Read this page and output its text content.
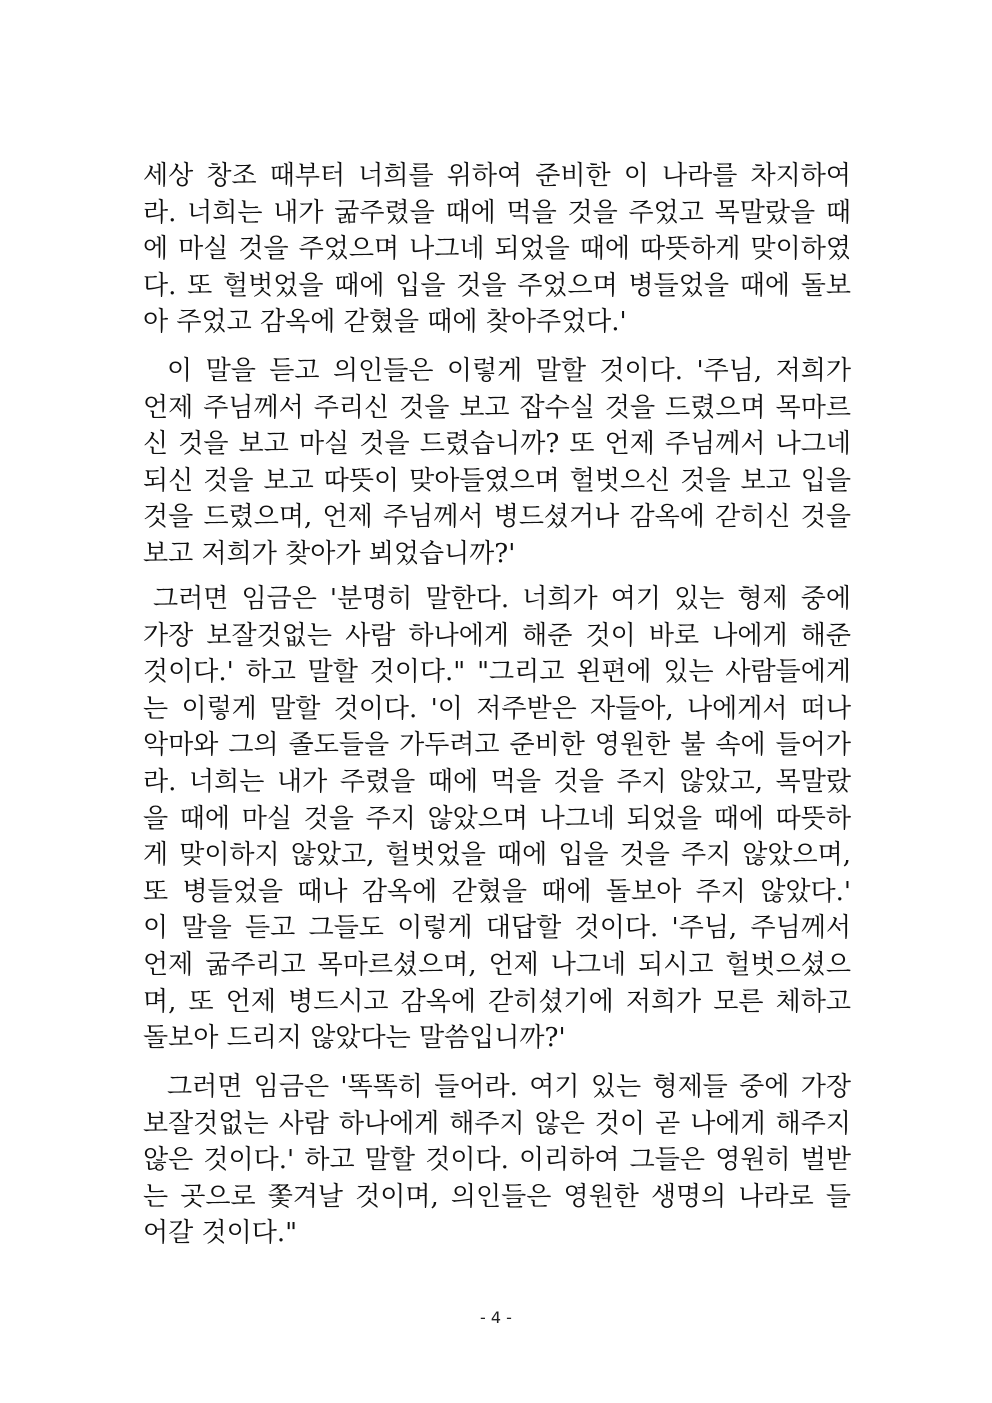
세상 창조 때부터 너희를 위하여 준비한 이 나라를 차지하여
라. 너희는 내가 굶주렸을 때에 먹을 것을 주었고 목말랐을 때
에 마실 것을 주었으며 나그네 되었을 때에 따뜻하게 맞이하였
다. 또 헐벗었을 때에 입을 것을 주었으며 병들었을 때에 돌보
아 주었고 감옥에 갇혔을 때에 찾아주었다.'
이 말을 듣고 의인들은 이렇게 말할 것이다. '주님, 저희가
언제 주님께서 주리신 것을 보고 잡수실 것을 드렸으며 목마르
신 것을 보고 마실 것을 드렸습니까? 또 언제 주님께서 나그네
되신 것을 보고 따뜻이 맞아들였으며 헐벗으신 것을 보고 입을
것을 드렸으며, 언제 주님께서 병드셨거나 감옥에 갇히신 것을
보고 저희가 찾아가 뵈었습니까?'
그러면 임금은 '분명히 말한다. 너희가 여기 있는 형제 중에
가장 보잘것없는 사람 하나에게 해준 것이 바로 나에게 해준
것이다.' 하고 말할 것이다." "그리고 왼편에 있는 사람들에게
는 이렇게 말할 것이다. '이 저주받은 자들아, 나에게서 떠나
악마와 그의 졸도들을 가두려고 준비한 영원한 불 속에 들어가
라. 너희는 내가 주렸을 때에 먹을 것을 주지 않았고, 목말랐
을 때에 마실 것을 주지 않았으며 나그네 되었을 때에 따뜻하
게 맞이하지 않았고, 헐벗었을 때에 입을 것을 주지 않았으며,
또 병들었을 때나 감옥에 갇혔을 때에 돌보아 주지 않았다.'
이 말을 듣고 그들도 이렇게 대답할 것이다. '주님, 주님께서
언제 굶주리고 목마르셨으며, 언제 나그네 되시고 헐벗으셨으
며, 또 언제 병드시고 감옥에 갇히셨기에 저희가 모른 체하고
돌보아 드리지 않았다는 말씀입니까?'
그러면 임금은 '똑똑히 들어라. 여기 있는 형제들 중에 가장
보잘것없는 사람 하나에게 해주지 않은 것이 곧 나에게 해주지
않은 것이다.' 하고 말할 것이다. 이리하여 그들은 영원히 벌받
는 곳으로 쫓겨날 것이며, 의인들은 영원한 생명의 나라로 들
어갈 것이다."
- 4 -
